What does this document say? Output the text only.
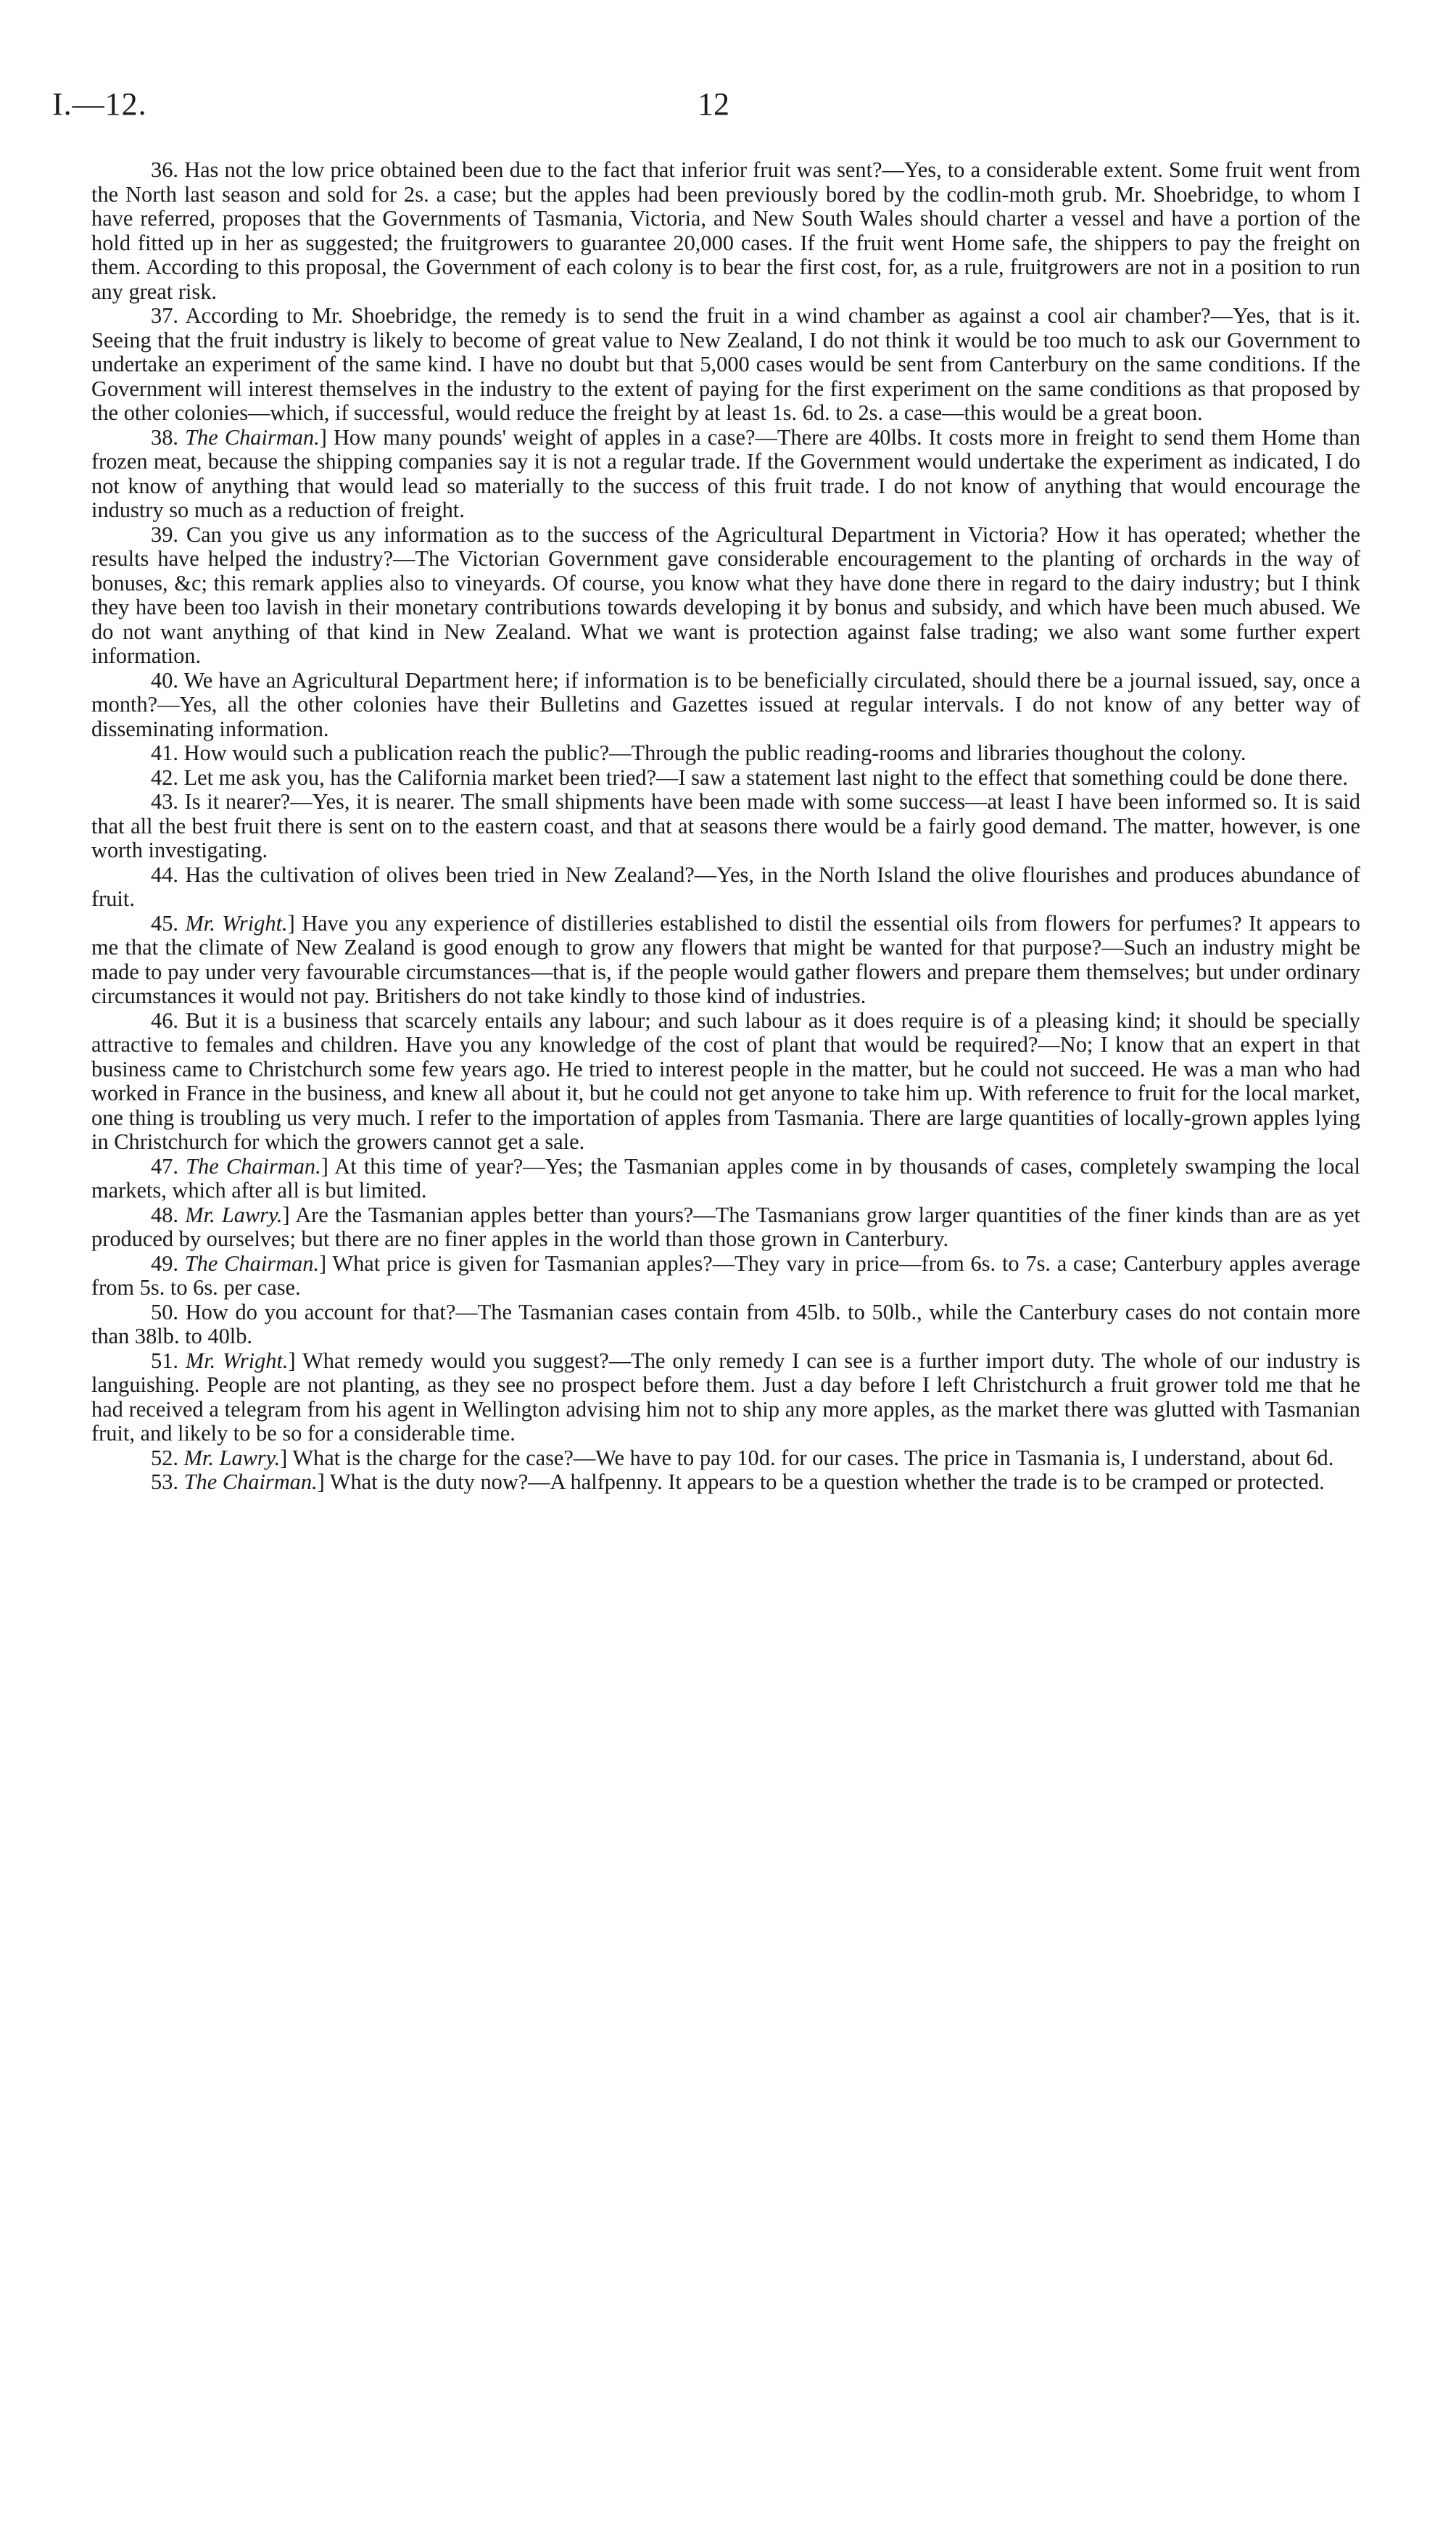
I.—12.	12

36. Has not the low price obtained been due to the fact that inferior fruit was sent?—Yes, to a considerable extent. Some fruit went from the North last season and sold for 2s. a case; but the apples had been previously bored by the codlin-moth grub. Mr. Shoebridge, to whom I have referred, proposes that the Governments of Tasmania, Victoria, and New South Wales should charter a vessel and have a portion of the hold fitted up in her as suggested; the fruitgrowers to guarantee 20,000 cases. If the fruit went Home safe, the shippers to pay the freight on them. According to this proposal, the Government of each colony is to bear the first cost, for, as a rule, fruitgrowers are not in a position to run any great risk.

37. According to Mr. Shoebridge, the remedy is to send the fruit in a wind chamber as against a cool air chamber?—Yes, that is it. Seeing that the fruit industry is likely to become of great value to New Zealand, I do not think it would be too much to ask our Government to undertake an experiment of the same kind. I have no doubt but that 5,000 cases would be sent from Canterbury on the same conditions. If the Government will interest themselves in the industry to the extent of paying for the first experiment on the same conditions as that proposed by the other colonies—which, if successful, would reduce the freight by at least 1s. 6d. to 2s. a case—this would be a great boon.

38. The Chairman.] How many pounds' weight of apples in a case?—There are 40lbs. It costs more in freight to send them Home than frozen meat, because the shipping companies say it is not a regular trade. If the Government would undertake the experiment as indicated, I do not know of anything that would lead so materially to the success of this fruit trade. I do not know of anything that would encourage the industry so much as a reduction of freight.

39. Can you give us any information as to the success of the Agricultural Department in Victoria? How it has operated; whether the results have helped the industry?—The Victorian Government gave considerable encouragement to the planting of orchards in the way of bonuses, &c; this remark applies also to vineyards. Of course, you know what they have done there in regard to the dairy industry; but I think they have been too lavish in their monetary contributions towards developing it by bonus and subsidy, and which have been much abused. We do not want anything of that kind in New Zealand. What we want is protection against false trading; we also want some further expert information.

40. We have an Agricultural Department here; if information is to be beneficially circulated, should there be a journal issued, say, once a month?—Yes, all the other colonies have their Bulletins and Gazettes issued at regular intervals. I do not know of any better way of disseminating information.

41. How would such a publication reach the public?—Through the public reading-rooms and libraries thoughout the colony.

42. Let me ask you, has the California market been tried?—I saw a statement last night to the effect that something could be done there.

43. Is it nearer?—Yes, it is nearer. The small shipments have been made with some success—at least I have been informed so. It is said that all the best fruit there is sent on to the eastern coast, and that at seasons there would be a fairly good demand. The matter, however, is one worth investigating.

44. Has the cultivation of olives been tried in New Zealand?—Yes, in the North Island the olive flourishes and produces abundance of fruit.

45. Mr. Wright.] Have you any experience of distilleries established to distil the essential oils from flowers for perfumes? It appears to me that the climate of New Zealand is good enough to grow any flowers that might be wanted for that purpose?—Such an industry might be made to pay under very favourable circumstances—that is, if the people would gather flowers and prepare them themselves; but under ordinary circumstances it would not pay. Britishers do not take kindly to those kind of industries.

46. But it is a business that scarcely entails any labour; and such labour as it does require is of a pleasing kind; it should be specially attractive to females and children. Have you any knowledge of the cost of plant that would be required?—No; I know that an expert in that business came to Christchurch some few years ago. He tried to interest people in the matter, but he could not succeed. He was a man who had worked in France in the business, and knew all about it, but he could not get anyone to take him up. With reference to fruit for the local market, one thing is troubling us very much. I refer to the importation of apples from Tasmania. There are large quantities of locally-grown apples lying in Christchurch for which the growers cannot get a sale.

47. The Chairman.] At this time of year?—Yes; the Tasmanian apples come in by thousands of cases, completely swamping the local markets, which after all is but limited.

48. Mr. Lawry.] Are the Tasmanian apples better than yours?—The Tasmanians grow larger quantities of the finer kinds than are as yet produced by ourselves; but there are no finer apples in the world than those grown in Canterbury.

49. The Chairman.] What price is given for Tasmanian apples?—They vary in price—from 6s. to 7s. a case; Canterbury apples average from 5s. to 6s. per case.

50. How do you account for that?—The Tasmanian cases contain from 45lb. to 50lb., while the Canterbury cases do not contain more than 38lb. to 40lb.

51. Mr. Wright.] What remedy would you suggest?—The only remedy I can see is a further import duty. The whole of our industry is languishing. People are not planting, as they see no prospect before them. Just a day before I left Christchurch a fruit grower told me that he had received a telegram from his agent in Wellington advising him not to ship any more apples, as the market there was glutted with Tasmanian fruit, and likely to be so for a considerable time.

52. Mr. Lawry.] What is the charge for the case?—We have to pay 10d. for our cases. The price in Tasmania is, I understand, about 6d.

53. The Chairman.] What is the duty now?—A halfpenny. It appears to be a question whether the trade is to be cramped or protected.
